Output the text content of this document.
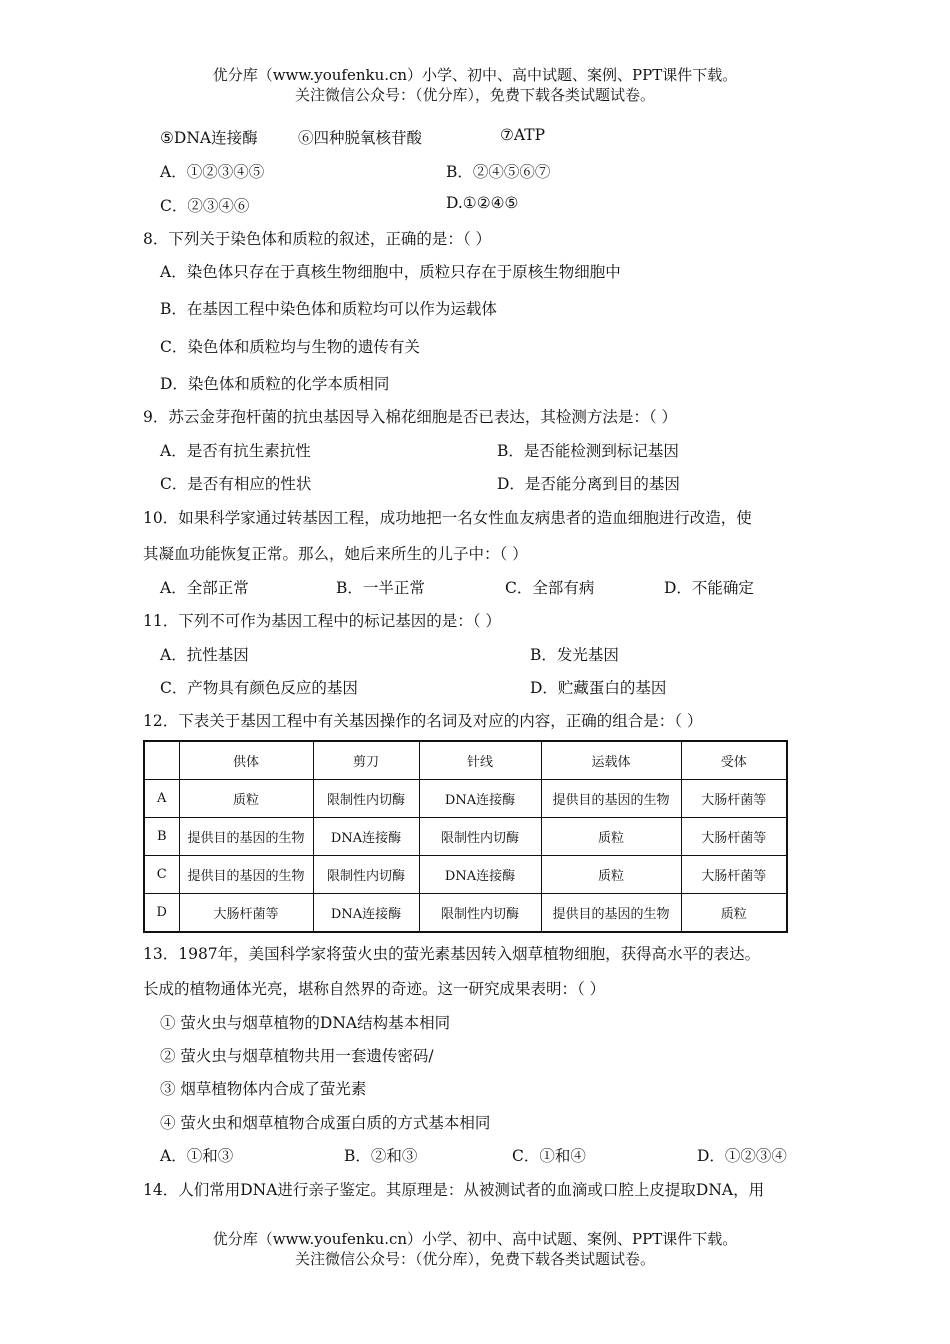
优分库（www.youfenku.cn）小学、初中、高中试题、案例、PPT课件下载。
关注微信公众号：（优分库），免费下载各类试题试卷。
⑤DNA连接酶	⑥四种脱氧核苷酸	⑦ATP
A．①②③④⑤	B．②④⑤⑥⑦
C．②③④⑥	D.①②④⑤
8．下列关于染色体和质粒的叙述，正确的是：（ ）
A．染色体只存在于真核生物细胞中，质粒只存在于原核生物细胞中
B．在基因工程中染色体和质粒均可以作为运载体
C．染色体和质粒均与生物的遗传有关
D．染色体和质粒的化学本质相同
9．苏云金芽孢杆菌的抗虫基因导入棉花细胞是否已表达，其检测方法是：（ ）
A．是否有抗生素抗性	B．是否能检测到标记基因
C．是否有相应的性状	D．是否能分离到目的基因
10．如果科学家通过转基因工程，成功地把一名女性血友病患者的造血细胞进行改造，使
其凝血功能恢复正常。那么，她后来所生的儿子中：（ ）
A．全部正常	B．一半正常	C．全部有病	D．不能确定
11．下列不可作为基因工程中的标记基因的是：（ ）
A．抗性基因	B．发光基因
C．产物具有颜色反应的基因	D．贮藏蛋白的基因
12．下表关于基因工程中有关基因操作的名词及对应的内容，正确的组合是：（ ）
	供体	剪刀	针线	运载体	受体
A	质粒	限制性内切酶	DNA连接酶	提供目的基因的生物	大肠杆菌等
B	提供目的基因的生物	DNA连接酶	限制性内切酶	质粒	大肠杆菌等
C	提供目的基因的生物	限制性内切酶	DNA连接酶	质粒	大肠杆菌等
D	大肠杆菌等	DNA连接酶	限制性内切酶	提供目的基因的生物	质粒
13．1987年，美国科学家将萤火虫的萤光素基因转入烟草植物细胞，获得高水平的表达。
长成的植物通体光亮，堪称自然界的奇迹。这一研究成果表明：（ ）
① 萤火虫与烟草植物的DNA结构基本相同
② 萤火虫与烟草植物共用一套遗传密码/
③ 烟草植物体内合成了萤光素
④ 萤火虫和烟草植物合成蛋白质的方式基本相同
A．①和③	B．②和③	C．①和④	D．①②③④
14．人们常用DNA进行亲子鉴定。其原理是：从被测试者的血滴或口腔上皮提取DNA，用
优分库（www.youfenku.cn）小学、初中、高中试题、案例、PPT课件下载。
关注微信公众号：（优分库），免费下载各类试题试卷。
